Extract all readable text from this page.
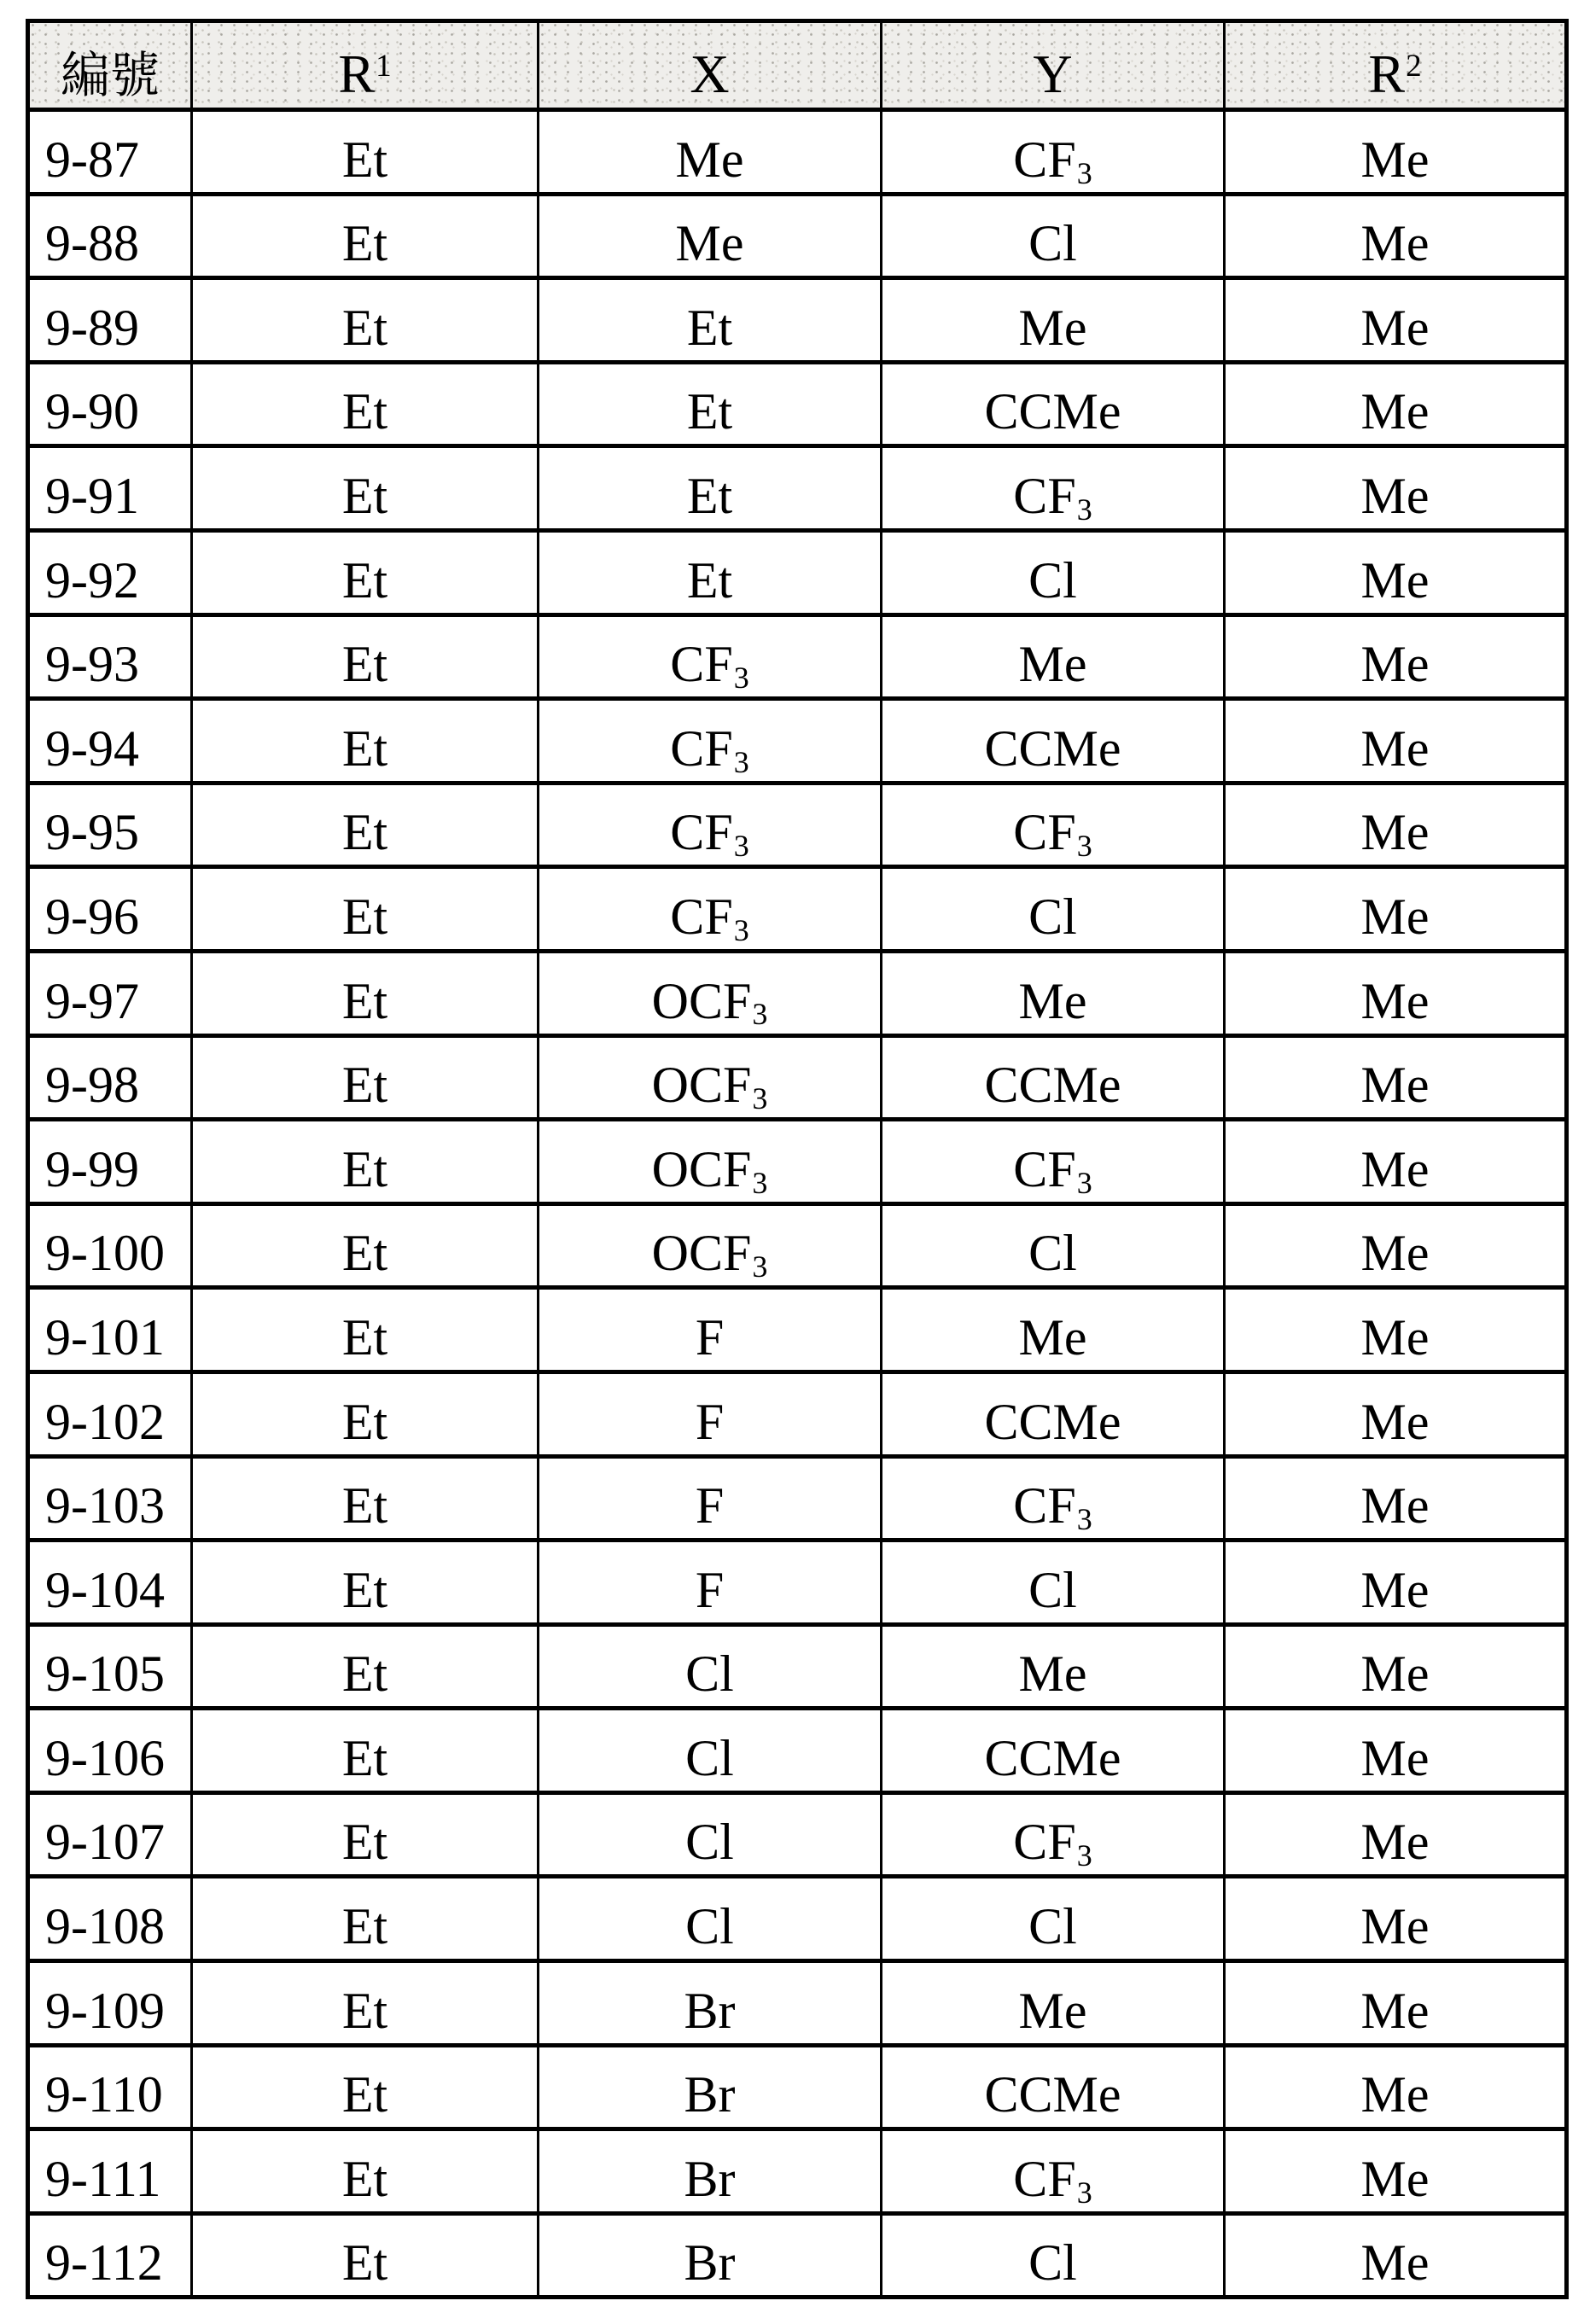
編號	$R^1$	X	Y	$R^2$
9-87	Et	Me	$CF_3$	Me
9-88	Et	Me	Cl	Me
9-89	Et	Et	Me	Me
9-90	Et	Et	CCMe	Me
9-91	Et	Et	$CF_3$	Me
9-92	Et	Et	Cl	Me
9-93	Et	$CF_3$	Me	Me
9-94	Et	$CF_3$	CCMe	Me
9-95	Et	$CF_3$	$CF_3$	Me
9-96	Et	$CF_3$	Cl	Me
9-97	Et	$OCF_3$	Me	Me
9-98	Et	$OCF_3$	CCMe	Me
9-99	Et	$OCF_3$	$CF_3$	Me
9-100	Et	$OCF_3$	Cl	Me
9-101	Et	F	Me	Me
9-102	Et	F	CCMe	Me
9-103	Et	F	$CF_3$	Me
9-104	Et	F	Cl	Me
9-105	Et	Cl	Me	Me
9-106	Et	Cl	CCMe	Me
9-107	Et	Cl	$CF_3$	Me
9-108	Et	Cl	Cl	Me
9-109	Et	Br	Me	Me
9-110	Et	Br	CCMe	Me
9-111	Et	Br	$CF_3$	Me
9-112	Et	Br	Cl	Me
